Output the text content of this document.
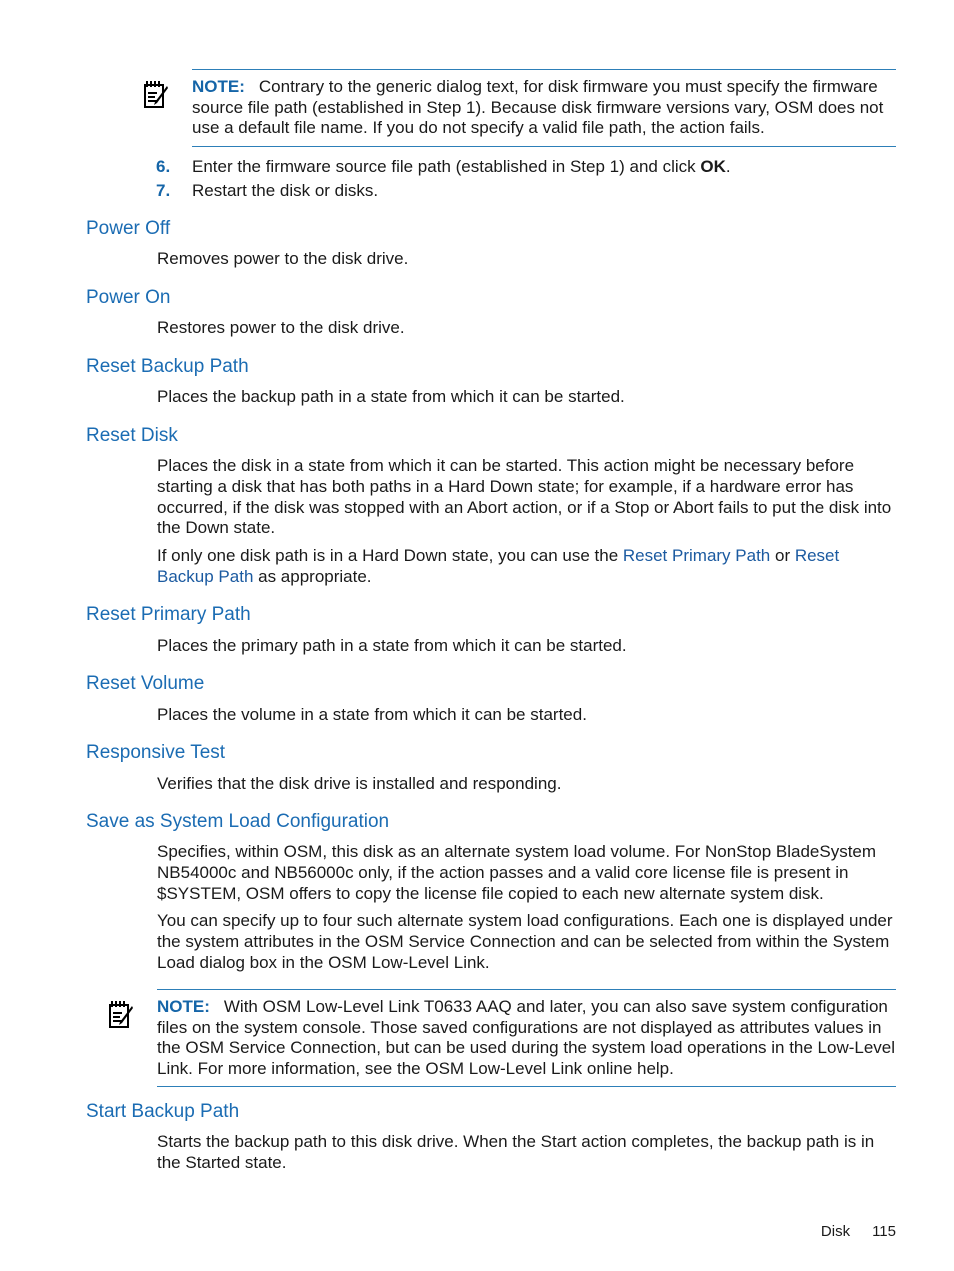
NOTE: Contrary to the generic dialog text, for disk firmware you must specify the firmware source file path (established in Step 1). Because disk firmware versions vary, OSM does not use a default file name. If you do not specify a valid file path, the action fails.
6. Enter the firmware source file path (established in Step 1) and click OK.
7. Restart the disk or disks.
Power Off
Removes power to the disk drive.
Power On
Restores power to the disk drive.
Reset Backup Path
Places the backup path in a state from which it can be started.
Reset Disk
Places the disk in a state from which it can be started. This action might be necessary before starting a disk that has both paths in a Hard Down state; for example, if a hardware error has occurred, if the disk was stopped with an Abort action, or if a Stop or Abort fails to put the disk into the Down state.
If only one disk path is in a Hard Down state, you can use the Reset Primary Path or Reset Backup Path as appropriate.
Reset Primary Path
Places the primary path in a state from which it can be started.
Reset Volume
Places the volume in a state from which it can be started.
Responsive Test
Verifies that the disk drive is installed and responding.
Save as System Load Configuration
Specifies, within OSM, this disk as an alternate system load volume. For NonStop BladeSystem NB54000c and NB56000c only, if the action passes and a valid core license file is present in $SYSTEM, OSM offers to copy the license file copied to each new alternate system disk.
You can specify up to four such alternate system load configurations. Each one is displayed under the system attributes in the OSM Service Connection and can be selected from within the System Load dialog box in the OSM Low-Level Link.
NOTE: With OSM Low-Level Link T0633 AAQ and later, you can also save system configuration files on the system console. Those saved configurations are not displayed as attributes values in the OSM Service Connection, but can be used during the system load operations in the Low-Level Link. For more information, see the OSM Low-Level Link online help.
Start Backup Path
Starts the backup path to this disk drive. When the Start action completes, the backup path is in the Started state.
Disk 115
